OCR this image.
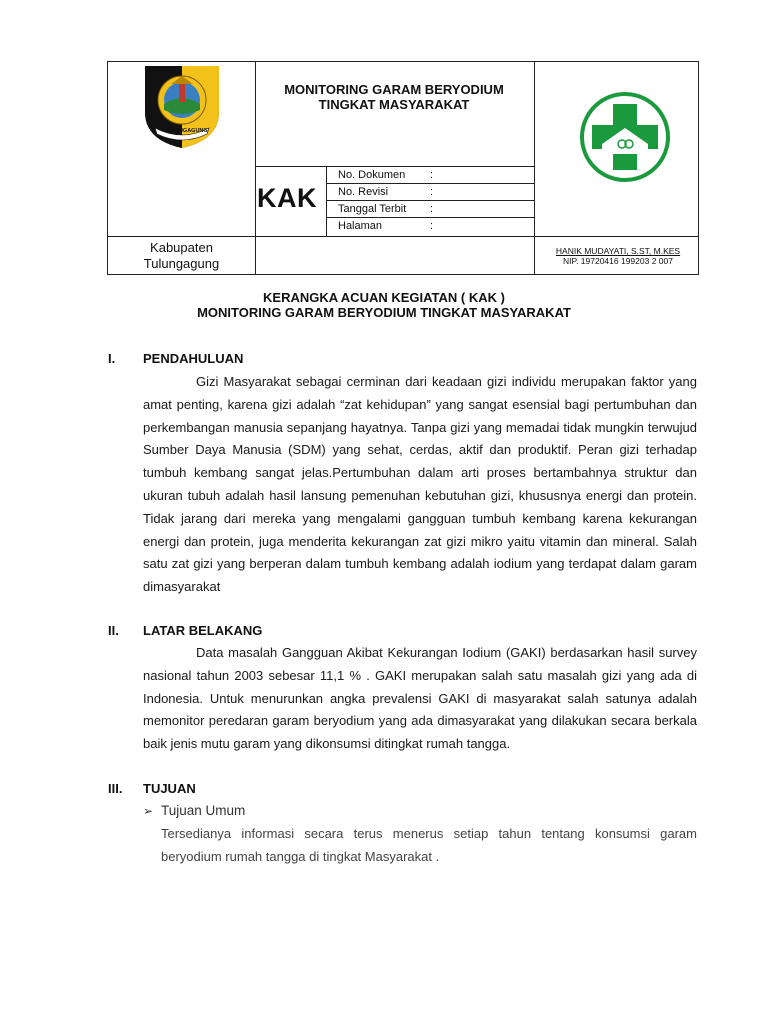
TULUNGAGUNG
MONITORING GARAM BERYODIUM
TINGKAT MASYARAKAT
KAK
No. Dokumen :
No. Revisi	:
Tanggal Terbit :
Halaman	:
Kabupaten
Tulungagung
HANIK MUDAYATI, S.ST, M.KES
NIP. 19720416 199203 2 007
KERANGKA ACUAN KEGIATAN ( KAK )
MONITORING GARAM BERYODIUM TINGKAT MASYARAKAT
I. PENDAHULUAN
Gizi Masyarakat sebagai cerminan dari keadaan gizi individu merupakan faktor yang amat penting, karena gizi adalah “zat kehidupan” yang sangat esensial bagi pertumbuhan dan perkembangan manusia sepanjang hayatnya. Tanpa gizi yang memadai tidak mungkin terwujud Sumber Daya Manusia (SDM) yang sehat, cerdas, aktif dan produktif. Peran gizi terhadap tumbuh kembang sangat jelas.Pertumbuhan dalam arti proses bertambahnya struktur dan ukuran tubuh adalah hasil lansung pemenuhan kebutuhan gizi, khususnya energi dan protein. Tidak jarang dari mereka yang mengalami gangguan tumbuh kembang karena kekurangan energi dan protein, juga menderita kekurangan zat gizi mikro yaitu vitamin dan mineral. Salah satu zat gizi yang berperan dalam tumbuh kembang adalah iodium yang terdapat dalam garam dimasyarakat
II. LATAR BELAKANG
Data masalah Gangguan Akibat Kekurangan Iodium (GAKI) berdasarkan hasil survey nasional tahun 2003 sebesar 11,1 % . GAKI merupakan salah satu masalah gizi yang ada di Indonesia. Untuk menurunkan angka prevalensi GAKI di masyarakat salah satunya adalah memonitor peredaran garam beryodium yang ada dimasyarakat yang dilakukan secara berkala baik jenis mutu garam yang dikonsumsi ditingkat rumah tangga.
III. TUJUAN
➢ Tujuan Umum
Tersedianya informasi secara terus menerus setiap tahun tentang konsumsi garam beryodium rumah tangga di tingkat Masyarakat .
